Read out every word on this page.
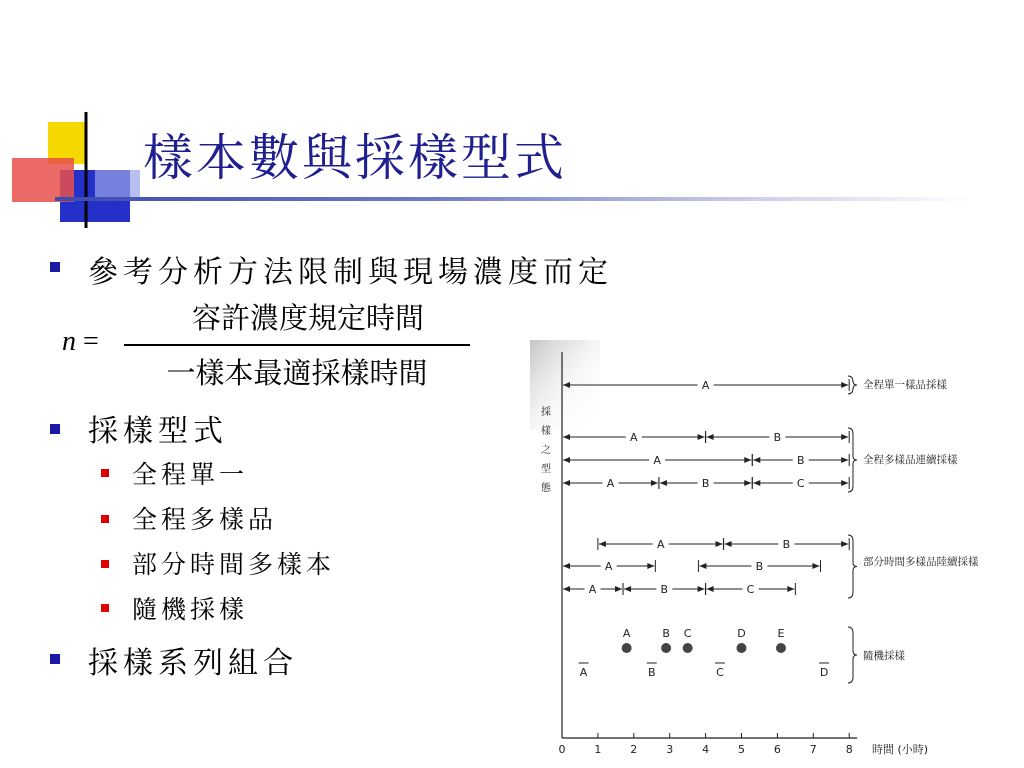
樣本數與採樣型式
參考分析方法限制與現場濃度而定
n =
容許濃度規定時間
一樣本最適採樣時間
採樣型式
全程單一
全程多樣品
部分時間多樣本
隨機採樣
採樣系列組合
0	1	2	3	4	5	6	7	8 時間 (小時)
採
樣
之
型
態
A	全程單一樣品採樣
A	B
A	B
A	B	C
全程多樣品連續採樣
A	B
A	B
A	B	C
部分時間多樣品陸續採樣
A	B C	D	E
A	B	C	D
隨機採樣
